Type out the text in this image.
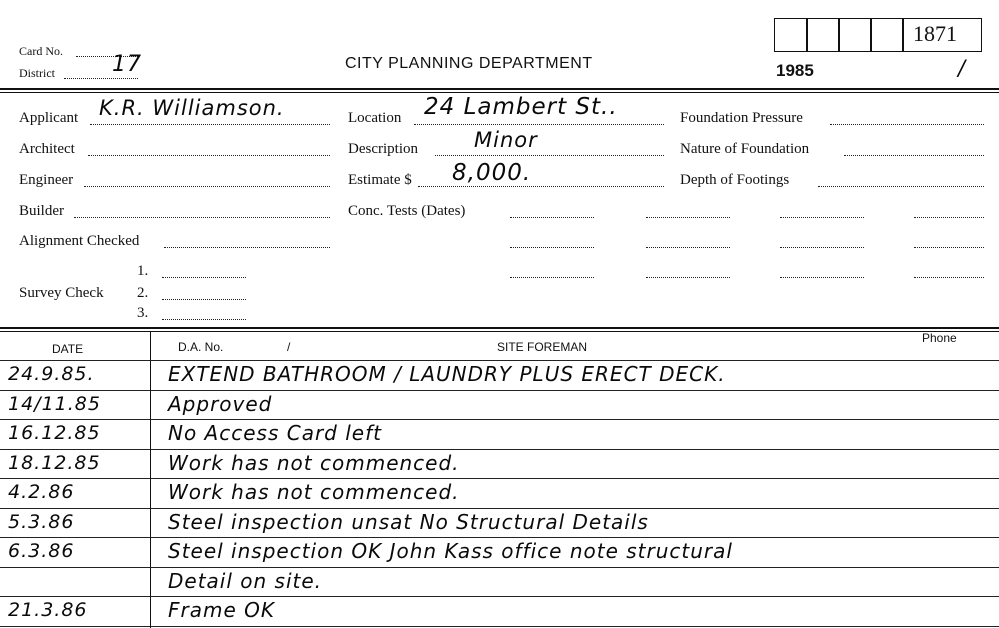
Card No.
District	17	CITY PLANNING DEPARTMENT
1871
1985	/
Applicant K.R. Williamson.
Architect
Engineer
Builder
Alignment Checked
Survey Check
1.
2.
3.
Location 24 Lambert St..
Description	Minor
Estimate $ 8,000.
Conc. Tests (Dates)
Foundation Pressure
Nature of Foundation
Depth of Footings
DATE	D.A. No.	/	SITE FOREMAN
Phone
24.9.85.	EXTEND BATHROOM / LAUNDRY PLUS ERECT DECK.
14/11.85	Approved
16.12.85	No Access Card left
18.12.85	Work has not commenced.
4.2.86	Work has not commenced.
5.3.86	Steel inspection unsat No Structural Details
6.3.86	Steel inspection OK John Kass office note structural
Detail on site.
21.3.86	Frame OK
